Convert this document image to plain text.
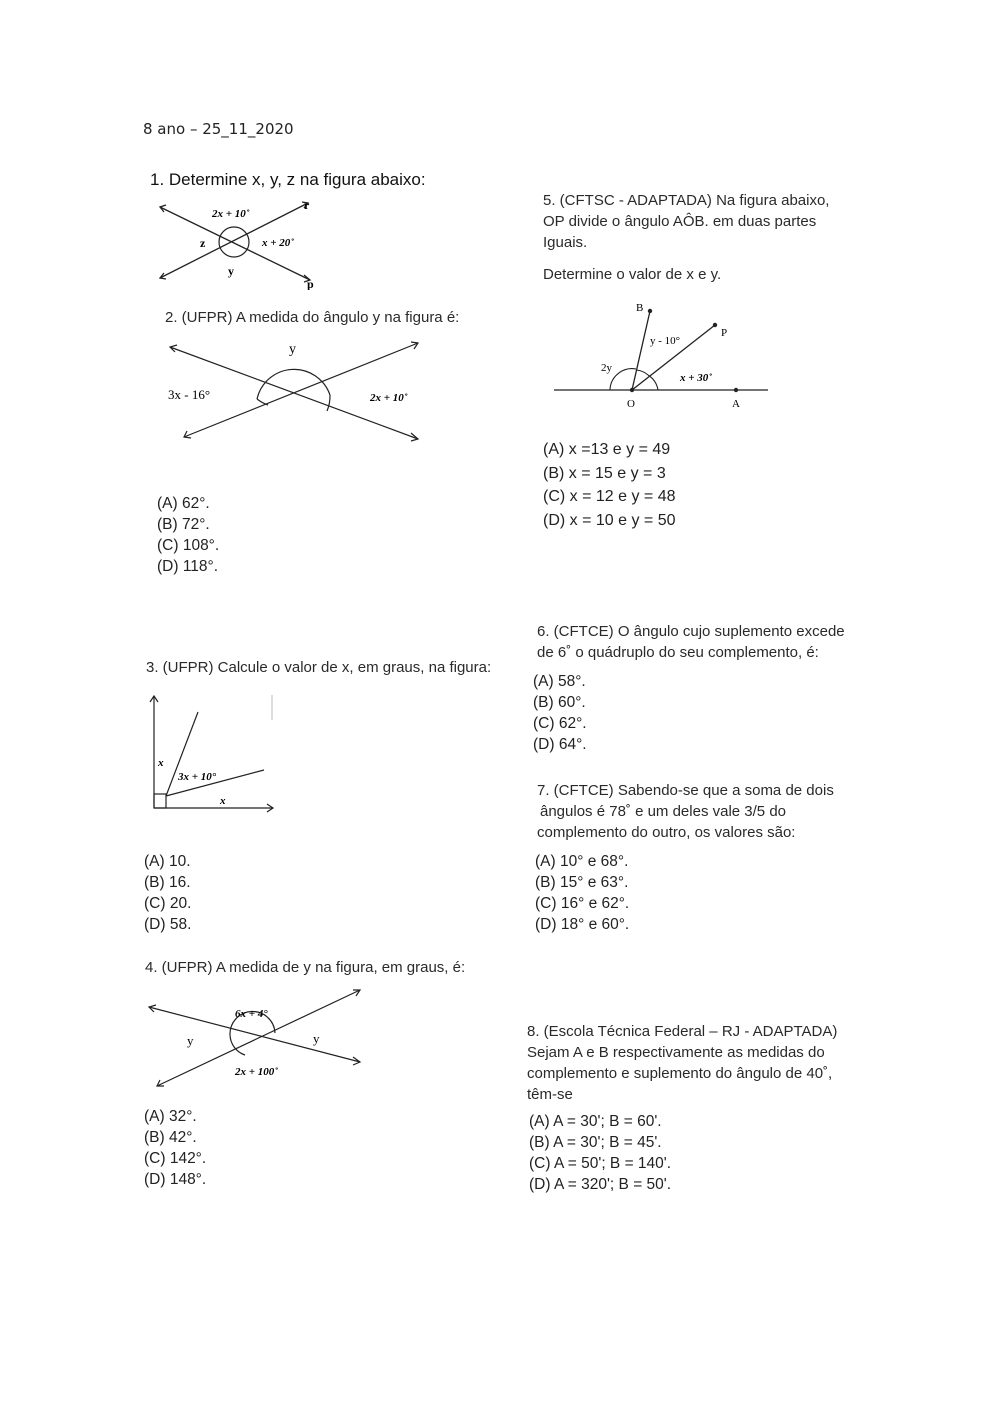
8 ano – 25_11_2020
1. Determine x, y, z na figura abaixo:
2x + 10˚
x + 20˚
z
y
r
p
2. (UFPR) A medida do ângulo y na figura é:
y
3x - 16°	2x + 10˚
(A) 62°.
(B) 72°.
(C) 108°.
(D) 118°.
3. (UFPR) Calcule o valor de x, em graus, na figura:
x
3x + 10°
x
(A) 10.
(B) 16.
(C) 20.
(D) 58.
4. (UFPR) A medida de y na figura, em graus, é:
6x + 4°
y	y
2x + 100˚
(A) 32°.
(B) 42°.
(C) 142°.
(D) 148°.
5. (CFTSC - ADAPTADA) Na figura abaixo,
OP divide o ângulo AÔB. em duas partes
Iguais.
Determine o valor de x e y.
B
P
O	A
y - 10°
2y
x + 30˚
(A) x =13 e y = 49
(B) x = 15 e y = 3
(C) x = 12 e y = 48
(D) x = 10 e y = 50
6. (CFTCE) O ângulo cujo suplemento excede
de 6˚ o quádruplo do seu complemento, é:
(A) 58°.
(B) 60°.
(C) 62°.
(D) 64°.
7. (CFTCE) Sabendo-se que a soma de dois
ângulos é 78˚ e um deles vale 3/5 do
complemento do outro, os valores são:
(A) 10° e 68°.
(B) 15° e 63°.
(C) 16° e 62°.
(D) 18° e 60°.
8. (Escola Técnica Federal – RJ - ADAPTADA)
Sejam A e B respectivamente as medidas do
complemento e suplemento do ângulo de 40˚,
têm-se
(A) A = 30'; B = 60'.
(B) A = 30'; B = 45'.
(C) A = 50'; B = 140'.
(D) A = 320'; B = 50'.
